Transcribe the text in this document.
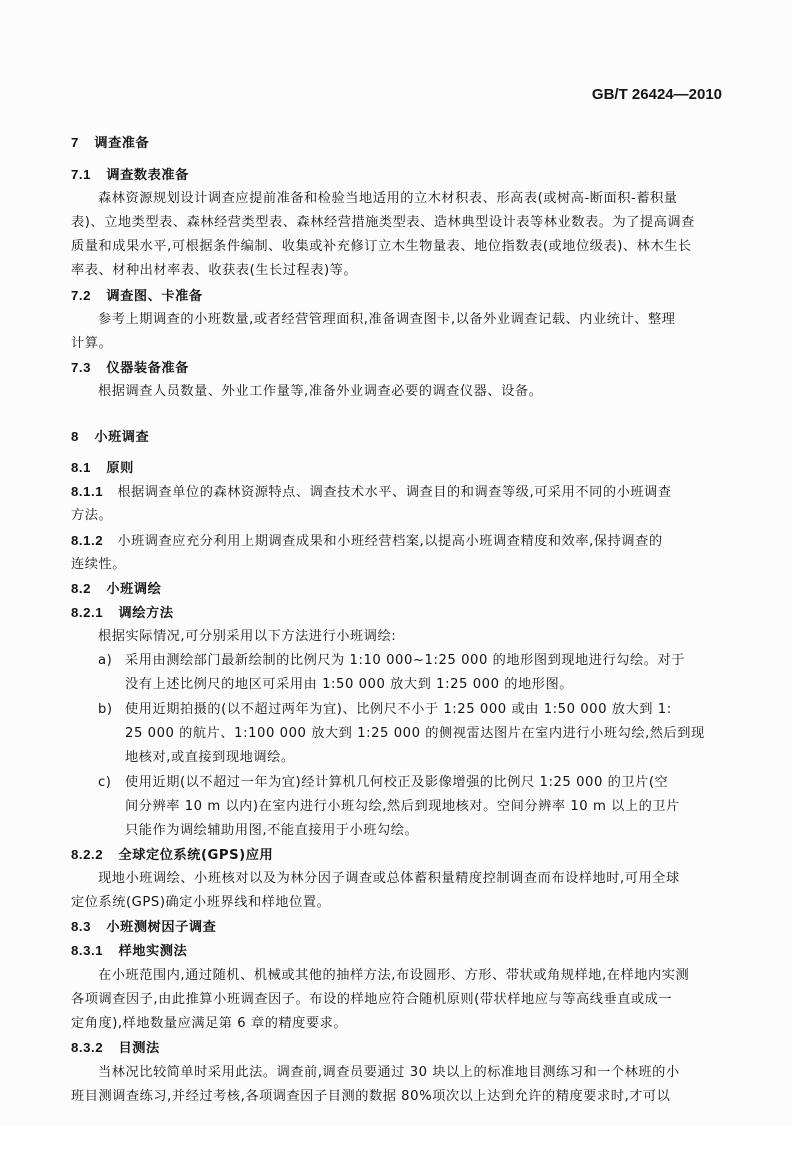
GB/T 26424—2010
7 调查准备
7.1 调查数表准备
森林资源规划设计调查应提前准备和检验当地适用的立木材积表、形高表(或树高-断面积-蓄积量
表)、立地类型表、森林经营类型表、森林经营措施类型表、造林典型设计表等林业数表。为了提高调查
质量和成果水平,可根据条件编制、收集或补充修订立木生物量表、地位指数表(或地位级表)、林木生长
率表、材种出材率表、收获表(生长过程表)等。
7.2 调查图、卡准备
参考上期调查的小班数量,或者经营管理面积,准备调查图卡,以备外业调查记载、内业统计、整理
计算。
7.3 仪器装备准备
根据调查人员数量、外业工作量等,准备外业调查必要的调查仪器、设备。
8 小班调查
8.1 原则
8.1.1 根据调查单位的森林资源特点、调查技术水平、调查目的和调查等级,可采用不同的小班调查
方法。
8.1.2 小班调查应充分利用上期调查成果和小班经营档案,以提高小班调查精度和效率,保持调查的
连续性。
8.2 小班调绘
8.2.1 调绘方法
根据实际情况,可分别采用以下方法进行小班调绘:
a) 采用由测绘部门最新绘制的比例尺为 1:10 000~1:25 000 的地形图到现地进行勾绘。对于
没有上述比例尺的地区可采用由 1:50 000 放大到 1:25 000 的地形图。
b) 使用近期拍摄的(以不超过两年为宜)、比例尺不小于 1:25 000 或由 1:50 000 放大到 1:
25 000 的航片、1:100 000 放大到 1:25 000 的侧视雷达图片在室内进行小班勾绘,然后到现
地核对,或直接到现地调绘。
c)	使用近期(以不超过一年为宜)经计算机几何校正及影像增强的比例尺 1:25 000 的卫片(空
间分辨率 10 m 以内)在室内进行小班勾绘,然后到现地核对。空间分辨率 10 m 以上的卫片
只能作为调绘辅助用图,不能直接用于小班勾绘。
8.2.2 全球定位系统(GPS)应用
现地小班调绘、小班核对以及为林分因子调查或总体蓄积量精度控制调查而布设样地时,可用全球
定位系统(GPS)确定小班界线和样地位置。
8.3 小班测树因子调查
8.3.1 样地实测法
在小班范围内,通过随机、机械或其他的抽样方法,布设圆形、方形、带状或角规样地,在样地内实测
各项调查因子,由此推算小班调查因子。布设的样地应符合随机原则(带状样地应与等高线垂直或成一
定角度),样地数量应满足第 6 章的精度要求。
8.3.2 目测法
当林况比较简单时采用此法。调查前,调查员要通过 30 块以上的标准地目测练习和一个林班的小
班目测调查练习,并经过考核,各项调查因子目测的数据 80%项次以上达到允许的精度要求时,才可以
